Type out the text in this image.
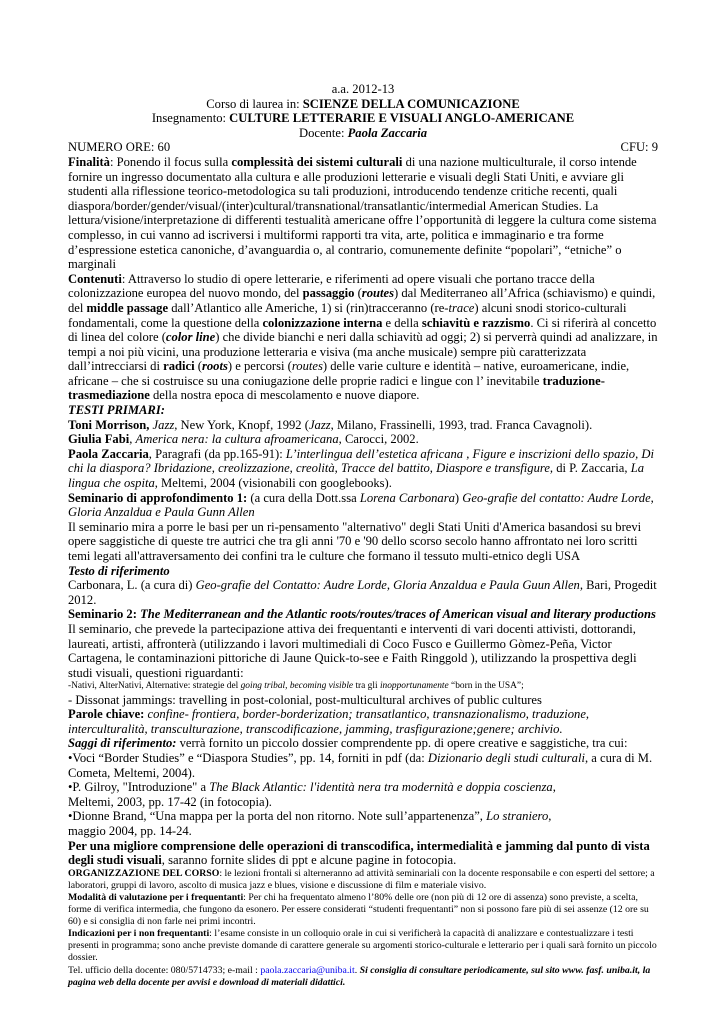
a.a. 2012-13

Corso di laurea in: SCIENZE DELLA COMUNICAZIONE

Insegnamento: CULTURE LETTERARIE E VISUALI ANGLO-AMERICANE

Docente: Paola Zaccaria

NUMERO ORE: 60	CFU: 9

Finalità: Ponendo il focus sulla complessità dei sistemi culturali di una nazione multiculturale, il corso intende fornire un ingresso documentato alla cultura e alle produzioni letterarie e visuali degli Stati Uniti, e avviare gli studenti alla riflessione teorico-metodologica su tali produzioni, introducendo tendenze critiche recenti, quali diaspora/border/gender/visual/(inter)cultural/transnational/transatlantic/intermedial American Studies. La lettura/visione/interpretazione di differenti testualità americane offre l’opportunità di leggere la cultura come sistema complesso, in cui vanno ad iscriversi i multiformi rapporti tra vita, arte, politica e immaginario e tra forme d’espressione estetica canoniche, d’avanguardia o, al contrario, comunemente definite “popolari”, “etniche” o marginali

Contenuti: Attraverso lo studio di opere letterarie, e riferimenti ad opere visuali che portano tracce della colonizzazione europea del nuovo mondo, del passaggio (routes) dal Mediterraneo all’Africa (schiavismo) e quindi, del middle passage dall’Atlantico alle Americhe, 1) si (rin)tracceranno (re-trace) alcuni snodi storico-culturali fondamentali, come la questione della colonizzazione interna e della schiavitù e razzismo. Ci si riferirà al concetto di linea del colore (color line) che divide bianchi e neri dalla schiavitù ad oggi; 2) si perverrà quindi ad analizzare, in tempi a noi più vicini, una produzione letteraria e visiva (ma anche musicale) sempre più caratterizzata dall’intrecciarsi di radici (roots) e percorsi (routes) delle varie culture e identità – native, euroamericane, indie, africane – che si costruisce su una coniugazione delle proprie radici e lingue con l’ inevitabile traduzione-trasmediazione della nostra epoca di mescolamento e nuove diapore.

TESTI PRIMARI:

Toni Morrison, Jazz, New York, Knopf, 1992 (Jazz, Milano, Frassinelli, 1993, trad. Franca Cavagnoli).

Giulia Fabi, America nera: la cultura afroamericana, Carocci, 2002.

Paola Zaccaria, Paragrafi (da pp.165-91): L’interlingua dell’estetica africana , Figure e inscrizioni dello spazio, Di chi la diaspora? Ibridazione, creolizzazione, creolità, Tracce del battito, Diaspore e transfigure, di P. Zaccaria, La lingua che ospita, Meltemi, 2004 (visionabili con googlebooks).

Seminario di approfondimento 1: (a cura della Dott.ssa Lorena Carbonara) Geo-grafie del contatto: Audre Lorde, Gloria Anzaldua e Paula Gunn Allen

Il seminario mira a porre le basi per un ri-pensamento "alternativo" degli Stati Uniti d'America basandosi su brevi opere saggistiche di queste tre autrici che tra gli anni '70 e '90 dello scorso secolo hanno affrontato nei loro scritti temi legati all'attraversamento dei confini tra le culture che formano il tessuto multi-etnico degli USA

Testo di riferimento

Carbonara, L. (a cura di) Geo-grafie del Contatto: Audre Lorde, Gloria Anzaldua e Paula Guun Allen, Bari, Progedit 2012.

Seminario 2: The Mediterranean and the Atlantic roots/routes/traces of American visual and literary productions

Il seminario, che prevede la partecipazione attiva dei frequentanti e interventi di vari docenti attivisti, dottorandi, laureati, artisti, affronterà (utilizzando i lavori multimediali di Coco Fusco e Guillermo Gòmez-Peña, Victor Cartagena, le contaminazioni pittoriche di Jaune Quick-to-see e Faith Ringgold ), utilizzando la prospettiva degli studi visuali, questioni riguardanti:

-Nativi, AlterNativi, Alternative: strategie del going tribal, becoming visible tra gli inopportunamente “born in the USA”;

- Dissonat jammings: travelling in post-colonial, post-multicultural archives of public cultures

Parole chiave: confine- frontiera, border-borderization; transatlantico, transnazionalismo, traduzione, interculturalità, transculturazione, transcodificazione, jamming, trasfigurazione;genere; archivio.

Saggi di riferimento: verrà fornito un piccolo dossier comprendente pp. di opere creative e saggistiche, tra cui:

•Voci “Border Studies” e “Diaspora Studies”, pp. 14, forniti in pdf (da: Dizionario degli studi culturali, a cura di M. Cometa, Meltemi, 2004).

•P. Gilroy, "Introduzione" a The Black Atlantic: l'identità nera tra modernità e doppia coscienza,

Meltemi, 2003, pp. 17-42 (in fotocopia).

•Dionne Brand, “Una mappa per la porta del non ritorno. Note sull’appartenenza”, Lo straniero,

maggio 2004, pp. 14-24.

Per una migliore comprensione delle operazioni di transcodifica, intermedialità e jamming dal punto di vista degli studi visuali, saranno fornite slides di ppt e alcune pagine in fotocopia.

ORGANIZZAZIONE DEL CORSO: le lezioni frontali si alterneranno ad attività seminariali con la docente responsabile e con esperti del settore; a laboratori, gruppi di lavoro, ascolto di musica jazz e blues, visione e discussione di film e materiale visivo.

Modalità di valutazione per i frequentanti: Per chi ha frequentato almeno l’80% delle ore (non più di 12 ore di assenza) sono previste, a scelta, forme di verifica intermedia, che fungono da esonero. Per essere considerati “studenti frequentanti” non si possono fare più di sei assenze (12 ore su 60) e si consiglia di non farle nei primi incontri.

Indicazioni per i non frequentanti: l’esame consiste in un colloquio orale in cui si verificherà la capacità di analizzare e contestualizzare i testi presenti in programma; sono anche previste domande di carattere generale su argomenti storico-culturale e letterario per i quali sarà fornito un piccolo dossier.

Tel. ufficio della docente: 080/5714733; e-mail : paola.zaccaria@uniba.it. Si consiglia di consultare periodicamente, sul sito www. fasf. uniba.it, la pagina web della docente per avvisi e download di materiali didattici.
